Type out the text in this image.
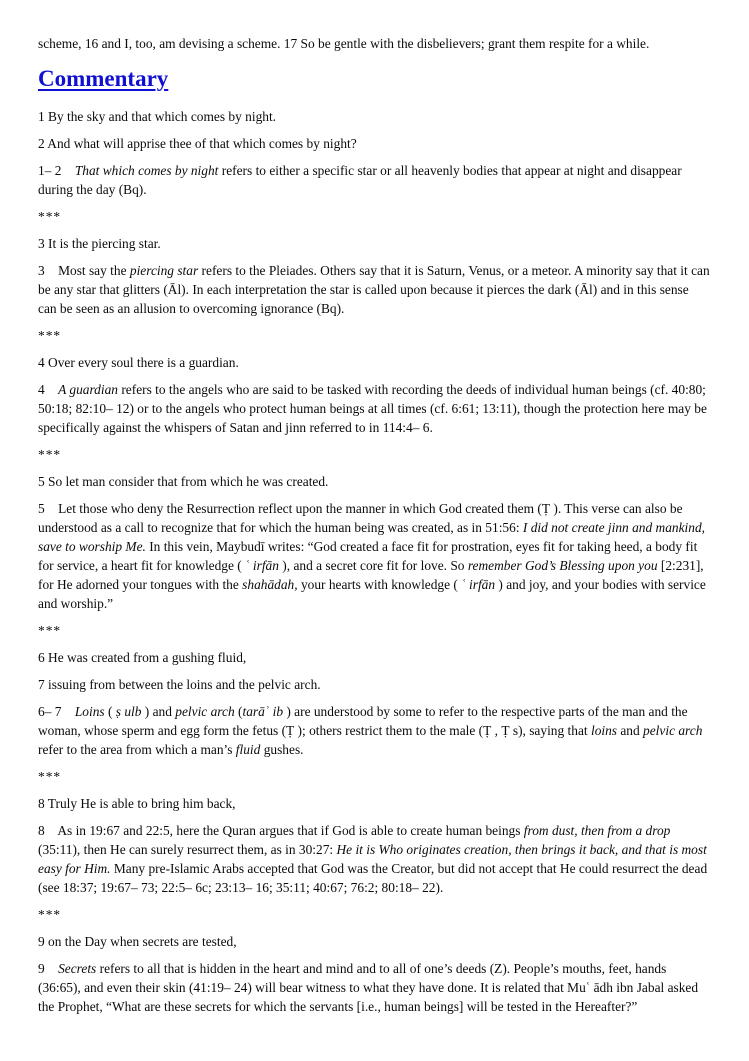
scheme, 16 and I, too, am devising a scheme. 17 So be gentle with the disbelievers; grant them respite for a while.

Commentary

1 By the sky and that which comes by night.

2 And what will apprise thee of that which comes by night?

1– 2    That which comes by night refers to either a specific star or all heavenly bodies that appear at night and disappear during the day (Bq).

***

3 It is the piercing star.

3    Most say the piercing star refers to the Pleiades. Others say that it is Saturn, Venus, or a meteor. A minority say that it can be any star that glitters (Āl). In each interpretation the star is called upon because it pierces the dark (Āl) and in this sense can be seen as an allusion to overcoming ignorance (Bq).

***

4 Over every soul there is a guardian.

4    A guardian refers to the angels who are said to be tasked with recording the deeds of individual human beings (cf. 40:80; 50:18; 82:10– 12) or to the angels who protect human beings at all times (cf. 6:61; 13:11), though the protection here may be specifically against the whispers of Satan and jinn referred to in 114:4– 6.

***

5 So let man consider that from which he was created.

5    Let those who deny the Resurrection reflect upon the manner in which God created them (Ṭ ). This verse can also be understood as a call to recognize that for which the human being was created, as in 51:56: I did not create jinn and mankind, save to worship Me. In this vein, Maybudī writes: “God created a face fit for prostration, eyes fit for taking heed, a body fit for service, a heart fit for knowledge ( ʿ irfān ), and a secret core fit for love. So remember God’s Blessing upon you [2:231], for He adorned your tongues with the shahādah, your hearts with knowledge ( ʿ irfān ) and joy, and your bodies with service and worship.”

***

6 He was created from a gushing fluid,

7 issuing from between the loins and the pelvic arch.

6– 7    Loins ( ṣ ulb ) and pelvic arch (tarāʾ ib ) are understood by some to refer to the respective parts of the man and the woman, whose sperm and egg form the fetus (Ṭ ); others restrict them to the male (Ṭ , Ṭ s), saying that loins and pelvic arch refer to the area from which a man’s fluid gushes.

***

8 Truly He is able to bring him back,

8    As in 19:67 and 22:5, here the Quran argues that if God is able to create human beings from dust, then from a drop (35:11), then He can surely resurrect them, as in 30:27: He it is Who originates creation, then brings it back, and that is most easy for Him. Many pre-Islamic Arabs accepted that God was the Creator, but did not accept that He could resurrect the dead (see 18:37; 19:67– 73; 22:5– 6c; 23:13– 16; 35:11; 40:67; 76:2; 80:18– 22).

***

9 on the Day when secrets are tested,

9    Secrets refers to all that is hidden in the heart and mind and to all of one’s deeds (Z). People’s mouths, feet, hands (36:65), and even their skin (41:19– 24) will bear witness to what they have done. It is related that Muʿ ādh ibn Jabal asked the Prophet, “What are these secrets for which the servants [i.e., human beings] will be tested in the Hereafter?”
